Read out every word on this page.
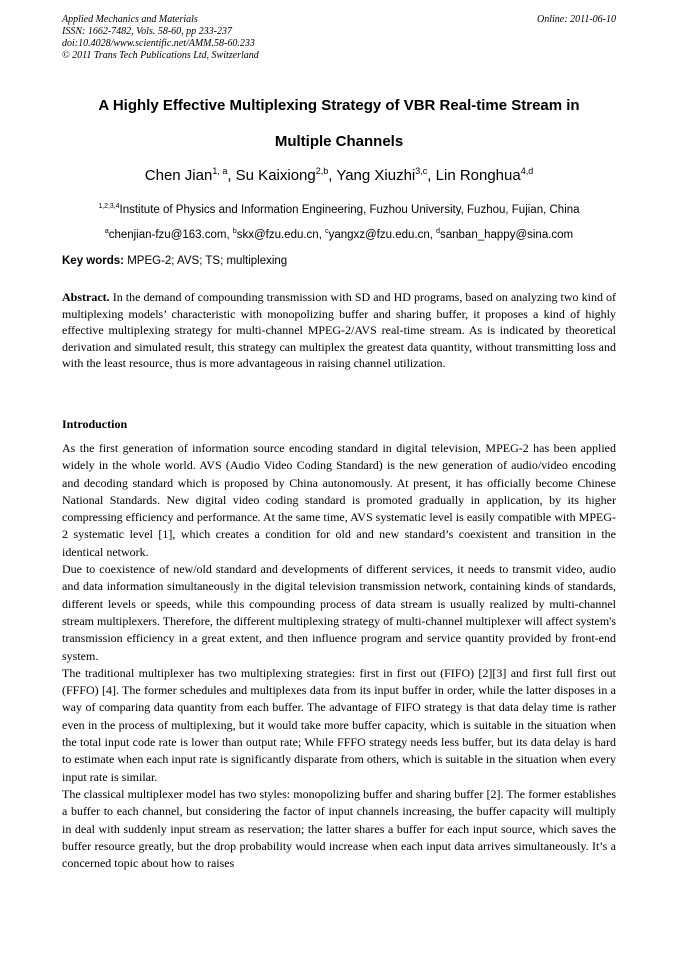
Applied Mechanics and Materials
ISSN: 1662-7482, Vols. 58-60, pp 233-237
doi:10.4028/www.scientific.net/AMM.58-60.233
© 2011 Trans Tech Publications Ltd, Switzerland
Online: 2011-06-10
A Highly Effective Multiplexing Strategy of VBR Real-time Stream in
Multiple Channels
Chen Jian$^{1, a}$, Su Kaixiong$^{2,b}$, Yang Xiuzhi$^{3,c}$, Lin Ronghua$^{4,d}$
$^{1,2,3,4}$Institute of Physics and Information Engineering, Fuzhou University, Fuzhou, Fujian, China
$^a$chenjian-fzu@163.com, $^b$skx@fzu.edu.cn, $^c$yangxz@fzu.edu.cn, $^d$sanban_happy@sina.com
Key words: MPEG-2; AVS; TS; multiplexing
Abstract. In the demand of compounding transmission with SD and HD programs, based on analyzing two kind of multiplexing models’ characteristic with monopolizing buffer and sharing buffer, it proposes a kind of highly effective multiplexing strategy for multi-channel MPEG-2/AVS real-time stream. As is indicated by theoretical derivation and simulated result, this strategy can multiplex the greatest data quantity, without transmitting loss and with the least resource, thus is more advantageous in raising channel utilization.
Introduction

As the first generation of information source encoding standard in digital television, MPEG-2 has been applied widely in the whole world. AVS (Audio Video Coding Standard) is the new generation of audio/video encoding and decoding standard which is proposed by China autonomously. At present, it has officially become Chinese National Standards. New digital video coding standard is promoted gradually in application, by its higher compressing efficiency and performance. At the same time, AVS systematic level is easily compatible with MPEG-2 systematic level [1], which creates a condition for old and new standard’s coexistent and transition in the identical network.

Due to coexistence of new/old standard and developments of different services, it needs to transmit video, audio and data information simultaneously in the digital television transmission network, containing kinds of standards, different levels or speeds, while this compounding process of data stream is usually realized by multi-channel stream multiplexers. Therefore, the different multiplexing strategy of multi-channel multiplexer will affect system's transmission efficiency in a great extent, and then influence program and service quantity provided by front-end system.

The traditional multiplexer has two multiplexing strategies: first in first out (FIFO) [2][3] and first full first out (FFFO) [4]. The former schedules and multiplexes data from its input buffer in order, while the latter disposes in a way of comparing data quantity from each buffer. The advantage of FIFO strategy is that data delay time is rather even in the process of multiplexing, but it would take more buffer capacity, which is suitable in the situation when the total input code rate is lower than output rate; While FFFO strategy needs less buffer, but its data delay is hard to estimate when each input rate is significantly disparate from others, which is suitable in the situation when every input rate is similar.

The classical multiplexer model has two styles: monopolizing buffer and sharing buffer [2]. The former establishes a buffer to each channel, but considering the factor of input channels increasing, the buffer capacity will multiply in deal with suddenly input stream as reservation; the latter shares a buffer for each input source, which saves the buffer resource greatly, but the drop probability would increase when each input data arrives simultaneously. It’s a concerned topic about how to raises
